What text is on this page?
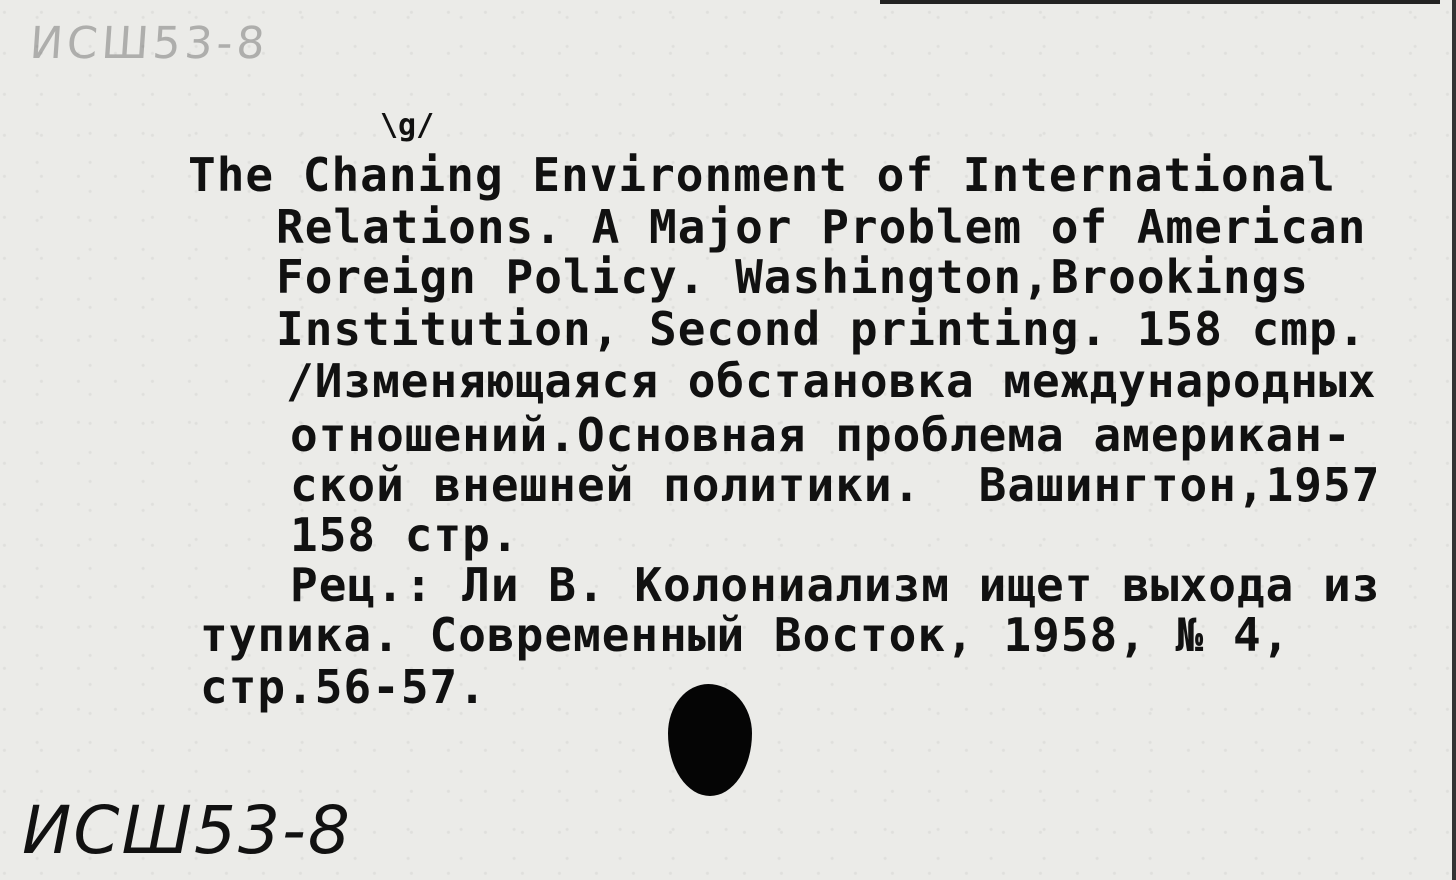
ИСШ53-8
\g/
The Chaning Environment of International
Relations. A Major Problem of American
Foreign Policy. Washington,Brookings
Institution, Second printing. 158 cmp.
/Изменяющаяся обстановка международных
отношений.Основная проблема американ-
ской внешней политики.  Вашингтон,1957
158 стр.
Рец.: Ли В. Колониализм ищет выхода из
тупика. Современный Восток, 1958, № 4,
стр.56-57.
ИСШ53-8
